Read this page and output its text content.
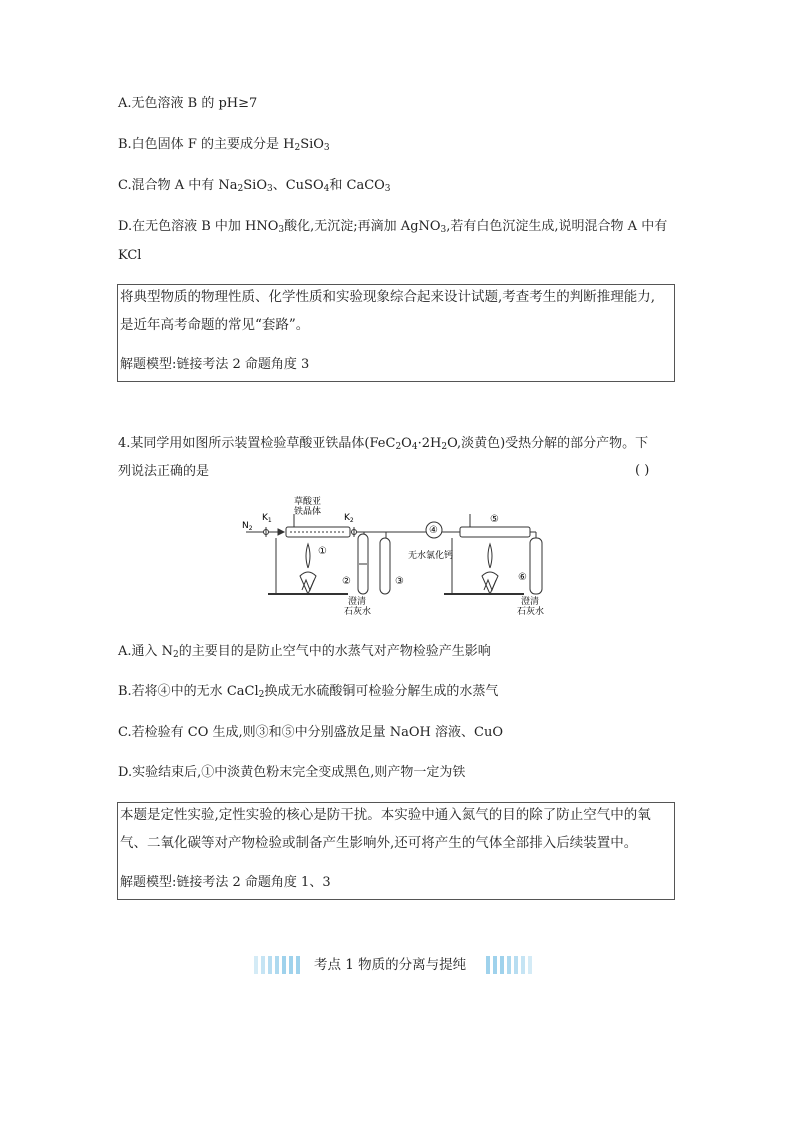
A.无色溶液 B 的 pH≥7
B.白色固体 F 的主要成分是 $H_2SiO_3$
C.混合物 A 中有 $Na_2SiO_3$、CuSO$_4$和 CaCO$_3$
D.在无色溶液 B 中加 $HNO_3$酸化,无沉淀;再滴加 AgNO$_3$,若有白色沉淀生成,说明混合物 A 中有
KCl
将典型物质的物理性质、化学性质和实验现象综合起来设计试题,考查考生的判断推理能力,
是近年高考命题的常见“套路”。
解题模型:链接考法 2 命题角度 3
4.某同学用如图所示装置检验草酸亚铁晶体($FeC_2O_4\cdot 2H_2O$,淡黄色)受热分解的部分产物。下
列说法正确的是	( )
$N_2$
$K_1$	$K_2$
草酸亚
铁晶体
①
②	③
④
⑤
⑥
无水氯化钙
澄清
石灰水
澄清
石灰水
A.通入 $N_2$的主要目的是防止空气中的水蒸气对产物检验产生影响
B.若将④中的无水 CaCl$_2$换成无水硫酸铜可检验分解生成的水蒸气
C.若检验有 CO 生成,则③和⑤中分别盛放足量 NaOH 溶液、CuO
D.实验结束后,①中淡黄色粉末完全变成黑色,则产物一定为铁
本题是定性实验,定性实验的核心是防干扰。本实验中通入氮气的目的除了防止空气中的氧
气、二氧化碳等对产物检验或制备产生影响外,还可将产生的气体全部排入后续装置中。
解题模型:链接考法 2 命题角度 1、3
考点 1 物质的分离与提纯
